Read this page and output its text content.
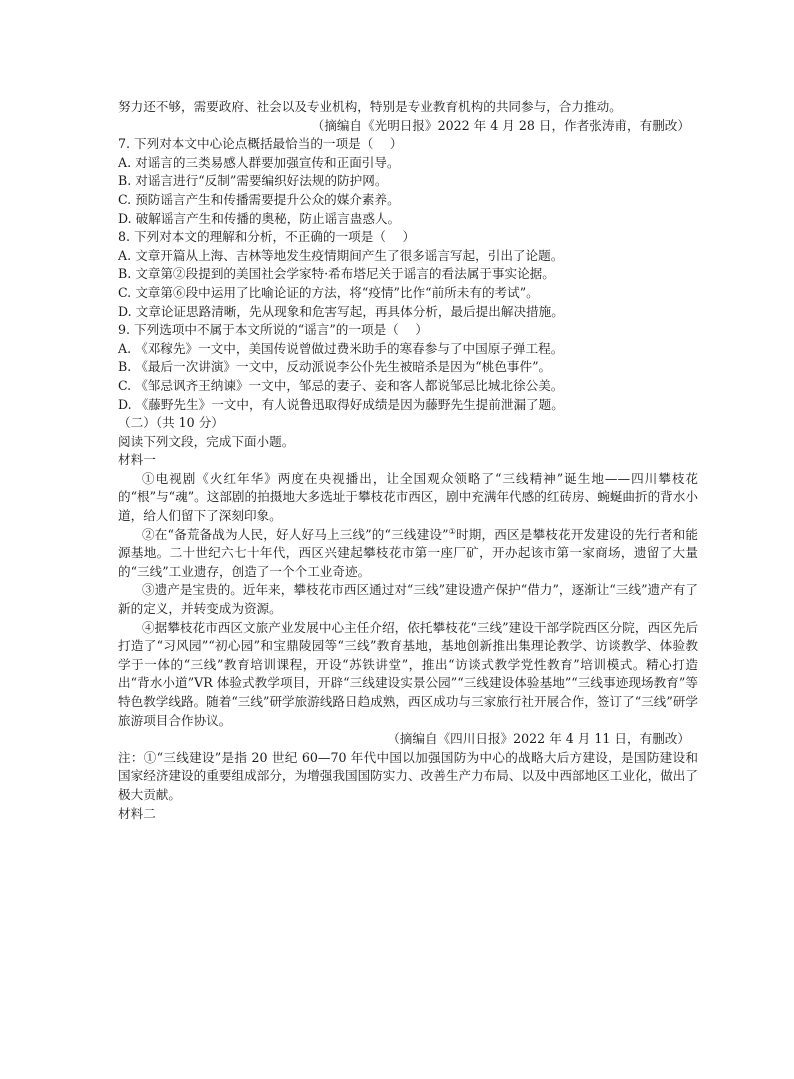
努力还不够，需要政府、社会以及专业机构，特别是专业教育机构的共同参与，合力推动。
（摘编自《光明日报》2022 年 4 月 28 日，作者张涛甫，有删改）
7. 下列对本文中心论点概括最恰当的一项是（　 ）
A. 对谣言的三类易感人群要加强宣传和正面引导。
B. 对谣言进行“反制”需要编织好法规的防护网。
C. 预防谣言产生和传播需要提升公众的媒介素养。
D. 破解谣言产生和传播的奥秘，防止谣言蛊惑人。
8. 下列对本文的理解和分析，不正确的一项是（　 ）
A. 文章开篇从上海、吉林等地发生疫情期间产生了很多谣言写起，引出了论题。
B. 文章第②段提到的美国社会学家特·希布塔尼关于谣言的看法属于事实论据。
C. 文章第⑥段中运用了比喻论证的方法，将“疫情”比作“前所未有的考试”。
D. 文章论证思路清晰，先从现象和危害写起，再具体分析，最后提出解决措施。
9. 下列选项中不属于本文所说的“谣言”的一项是（　 ）
A. 《邓稼先》一文中，美国传说曾做过费米助手的寒春参与了中国原子弹工程。
B. 《最后一次讲演》一文中，反动派说李公仆先生被暗杀是因为“桃色事件”。
C. 《邹忌讽齐王纳谏》一文中，邹忌的妻子、妾和客人都说邹忌比城北徐公美。
D. 《藤野先生》一文中，有人说鲁迅取得好成绩是因为藤野先生提前泄漏了题。
（二）（共 10 分）
阅读下列文段，完成下面小题。
材料一
①电视剧《火红年华》两度在央视播出，让全国观众领略了“三线精神”诞生地——四川攀枝花的“根”与“魂”。这部剧的拍摄地大多选址于攀枝花市西区，剧中充满年代感的红砖房、蜿蜒曲折的背水小道，给人们留下了深刻印象。
②在“备荒备战为人民，好人好马上三线”的“三线建设”①时期，西区是攀枝花开发建设的先行者和能源基地。二十世纪六七十年代，西区兴建起攀枝花市第一座厂矿，开办起该市第一家商场，遗留了大量的“三线”工业遗存，创造了一个个工业奇迹。
③遗产是宝贵的。近年来，攀枝花市西区通过对“三线”建设遗产保护“借力”，逐渐让“三线”遗产有了新的定义，并转变成为资源。
④据攀枝花市西区文旅产业发展中心主任介绍，依托攀枝花“三线”建设干部学院西区分院，西区先后打造了“习风园”“初心园”和宝鼎陵园等“三线”教育基地，基地创新推出集理论教学、访谈教学、体验教学于一体的“三线”教育培训课程，开设“苏铁讲堂”，推出“访谈式教学党性教育”培训模式。精心打造出“背水小道”VR 体验式教学项目，开辟“三线建设实景公园”“三线建设体验基地”“三线事迹现场教育”等特色教学线路。随着“三线”研学旅游线路日趋成熟，西区成功与三家旅行社开展合作，签订了“三线”研学旅游项目合作协议。
（摘编自《四川日报》2022 年 4 月 11 日，有删改）
注：①“三线建设”是指 20 世纪 60—70 年代中国以加强国防为中心的战略大后方建设，是国防建设和国家经济建设的重要组成部分，为增强我国国防实力、改善生产力布局、以及中西部地区工业化，做出了极大贡献。
材料二
